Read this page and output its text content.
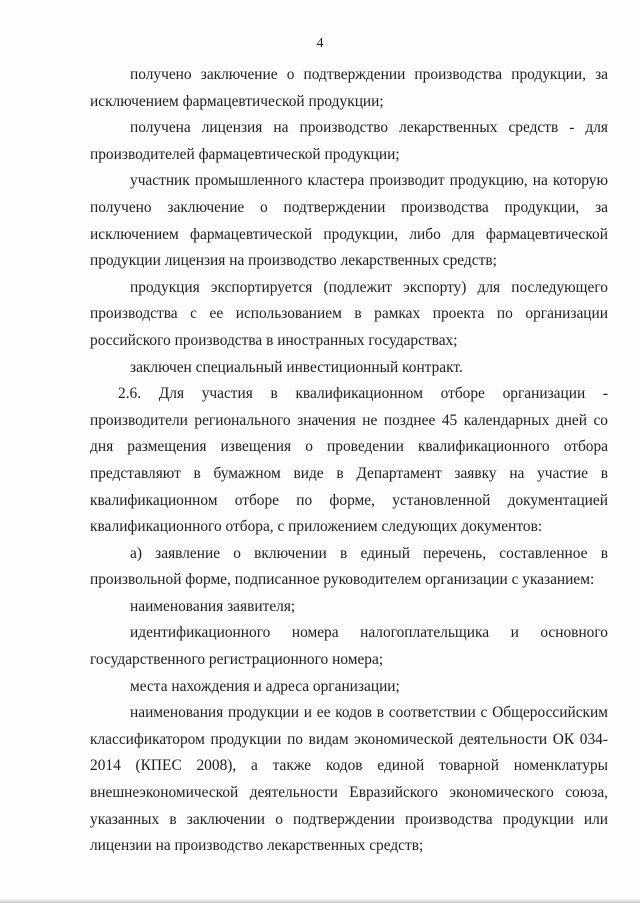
4

получено заключение о подтверждении производства продукции, за исключением фармацевтической продукции;

получена лицензия на производство лекарственных средств - для производителей фармацевтической продукции;

участник промышленного кластера производит продукцию, на которую получено заключение о подтверждении производства продукции, за исключением фармацевтической продукции, либо для фармацевтической продукции лицензия на производство лекарственных средств;

продукция экспортируется (подлежит экспорту) для последующего производства с ее использованием в рамках проекта по организации российского производства в иностранных государствах;

заключен специальный инвестиционный контракт.

2.6. Для участия в квалификационном отборе организации - производители регионального значения не позднее 45 календарных дней со дня размещения извещения о проведении квалификационного отбора представляют в бумажном виде в Департамент заявку на участие в квалификационном отборе по форме, установленной документацией квалификационного отбора, с приложением следующих документов:

а) заявление о включении в единый перечень, составленное в произвольной форме, подписанное руководителем организации с указанием:

наименования заявителя;

идентификационного номера налогоплательщика и основного государственного регистрационного номера;

места нахождения и адреса организации;

наименования продукции и ее кодов в соответствии с Общероссийским классификатором продукции по видам экономической деятельности ОК 034-2014 (КПЕС 2008), а также кодов единой товарной номенклатуры внешнеэкономической деятельности Евразийского экономического союза, указанных в заключении о подтверждении производства продукции или лицензии на производство лекарственных средств;
